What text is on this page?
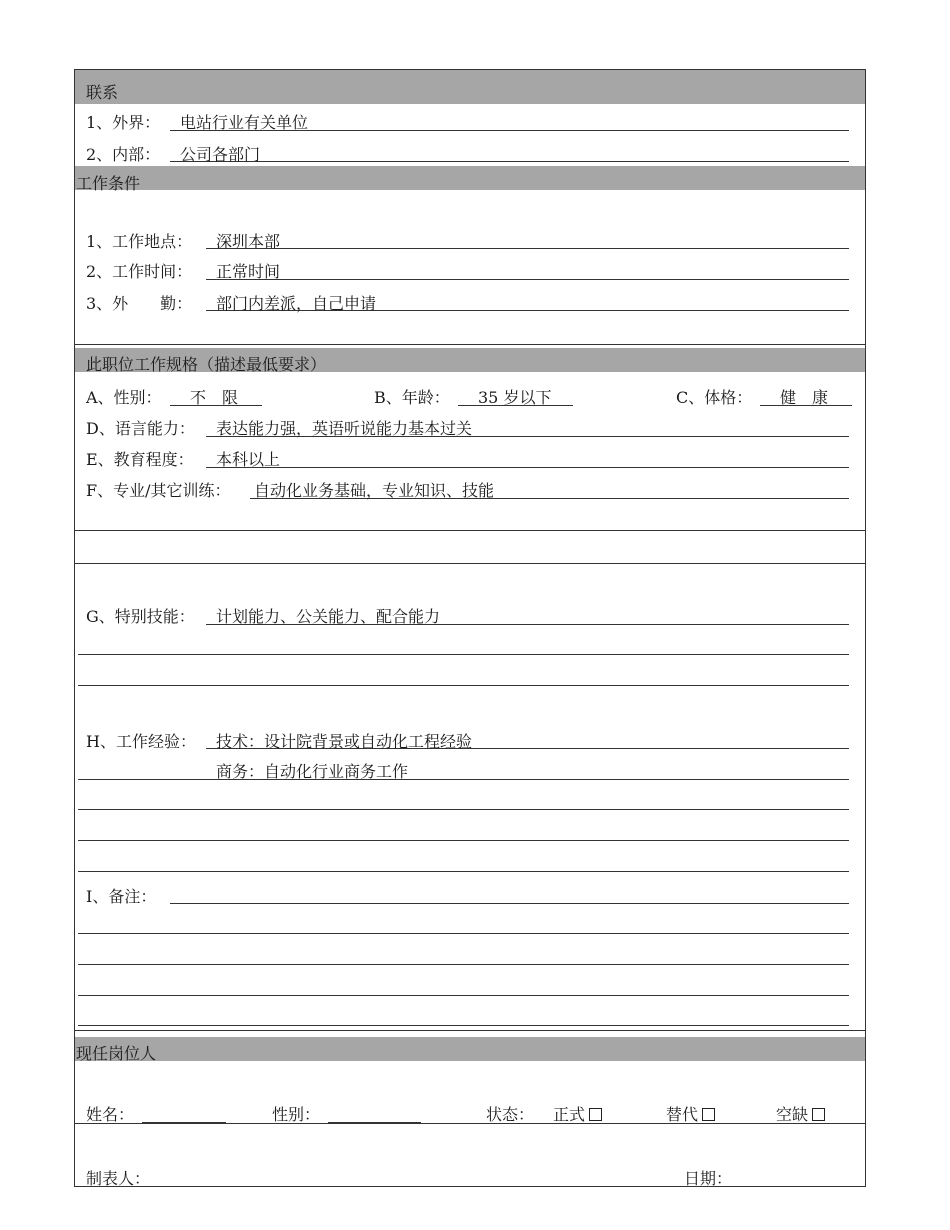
联系
1、外界： 电站行业有关单位
2、内部： 公司各部门
工作条件
1、工作地点： 深圳本部
2、工作时间： 正常时间
3、外　　勤： 部门内差派，自己申请
此职位工作规格（描述最低要求）
A、性别： 不　限	B、年龄： 35 岁以下	C、体格： 健　康
D、语言能力： 表达能力强，英语听说能力基本过关
E、教育程度： 本科以上
F、专业/其它训练： 自动化业务基础，专业知识、技能
G、特别技能： 计划能力、公关能力、配合能力
H、工作经验： 技术：设计院背景或自动化工程经验
商务：自动化行业商务工作
I、备注：
现任岗位人
姓名：	性别：	状态： 正式	替代	空缺
制表人：	日期：
